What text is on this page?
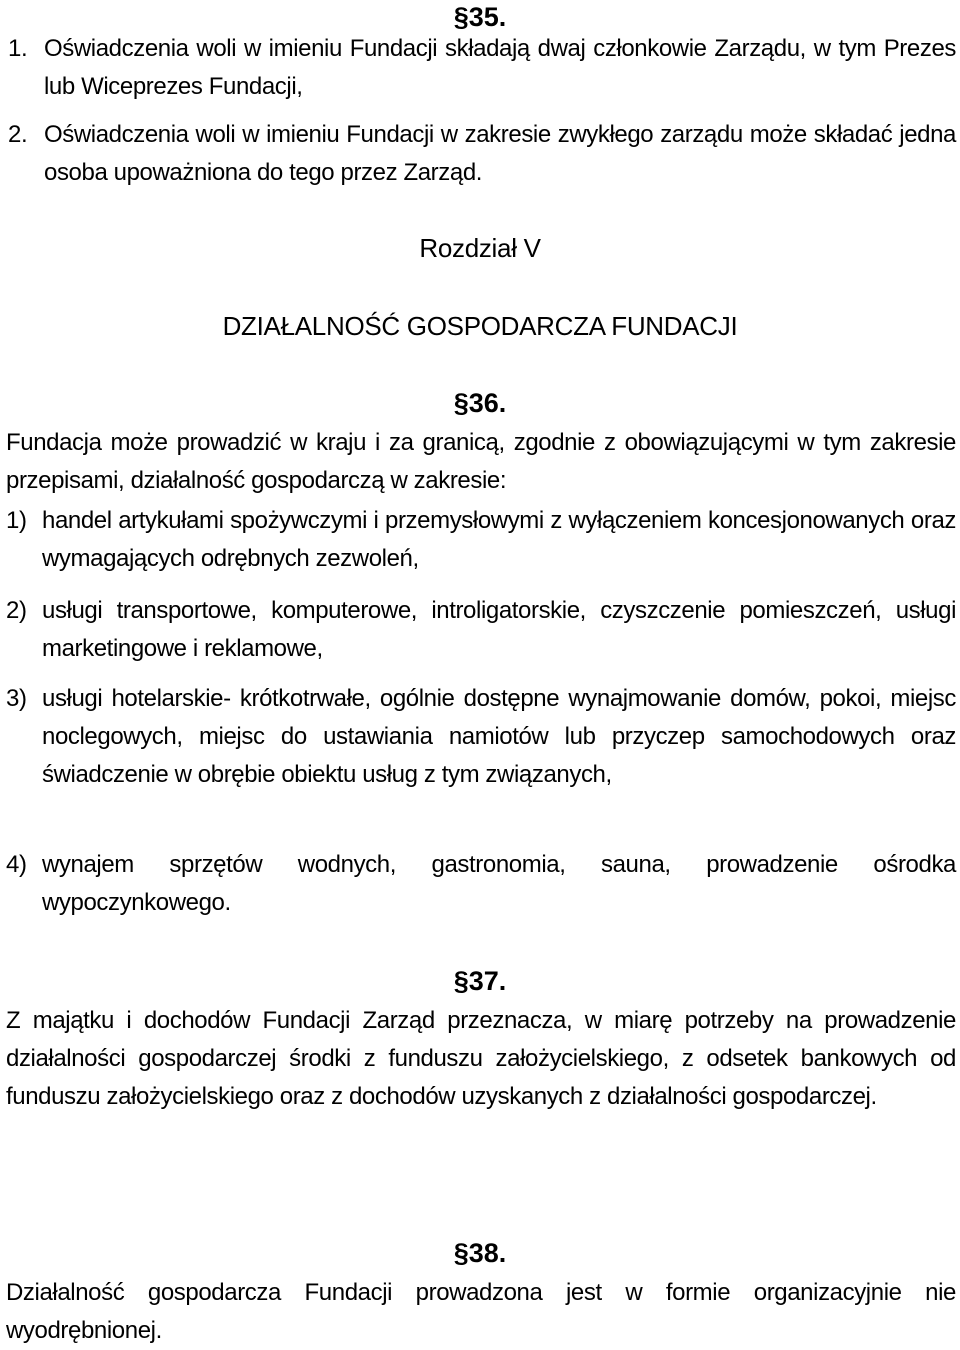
§35.
1. Oświadczenia woli w imieniu Fundacji składają dwaj członkowie Zarządu, w tym Prezes lub Wiceprezes Fundacji,
2. Oświadczenia woli w imieniu Fundacji w zakresie zwykłego zarządu może składać jedna osoba upoważniona do tego przez Zarząd.
Rozdział V
DZIAŁALNOŚĆ GOSPODARCZA FUNDACJI
§36.
Fundacja może prowadzić w kraju i za granicą, zgodnie z obowiązującymi w tym zakresie przepisami, działalność gospodarczą w zakresie:
1) handel artykułami spożywczymi i przemysłowymi z wyłączeniem koncesjonowanych oraz wymagających odrębnych zezwoleń,
2) usługi transportowe, komputerowe, introligatorskie, czyszczenie pomieszczeń, usługi marketingowe i reklamowe,
3) usługi hotelarskie- krótkotrwałe, ogólnie dostępne wynajmowanie domów, pokoi, miejsc noclegowych, miejsc do ustawiania namiotów lub przyczep samochodowych oraz świadczenie w obrębie obiektu usług z tym związanych,
4) wynajem sprzętów wodnych, gastronomia, sauna, prowadzenie ośrodka wypoczynkowego.
§37.
Z majątku i dochodów Fundacji Zarząd przeznacza, w miarę potrzeby na prowadzenie działalności gospodarczej środki z funduszu założycielskiego, z odsetek bankowych od funduszu założycielskiego oraz z dochodów uzyskanych z działalności gospodarczej.
§38.
Działalność gospodarcza Fundacji prowadzona jest w formie organizacyjnie nie wyodrębnionej.
